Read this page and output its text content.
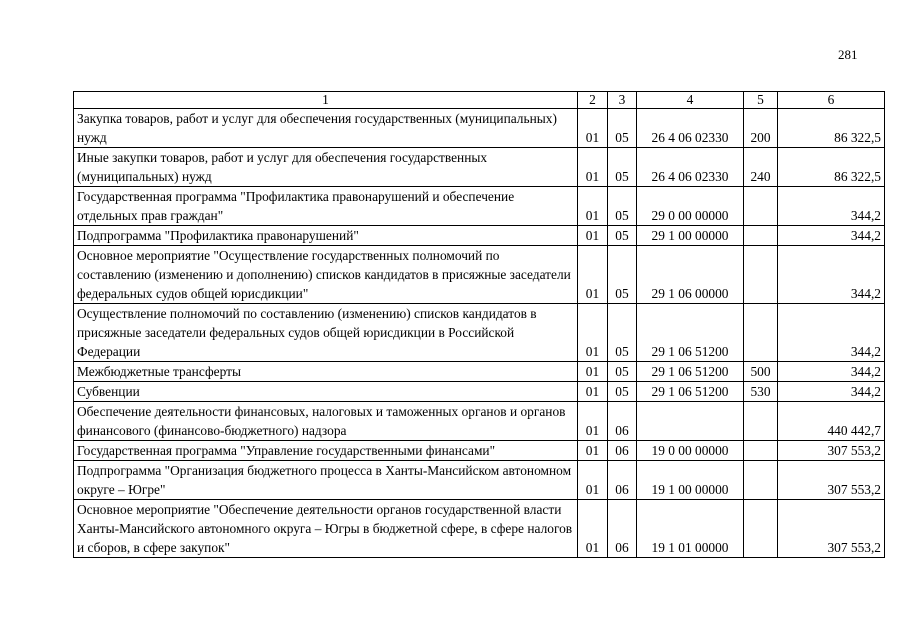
281
1	2	3	4	5	6
Закупка товаров, работ и услуг для обеспечения государственных (муниципальных) нужд	01	05	26 4 06 02330	200	86 322,5
Иные закупки товаров, работ и услуг для обеспечения государственных (муниципальных) нужд	01	05	26 4 06 02330	240	86 322,5
Государственная программа "Профилактика правонарушений и обеспечение отдельных прав граждан"	01	05	29 0 00 00000		344,2
Подпрограмма "Профилактика правонарушений"	01	05	29 1 00 00000		344,2
Основное мероприятие "Осуществление государственных полномочий по составлению (изменению и дополнению) списков кандидатов в присяжные заседатели федеральных судов общей юрисдикции"	01	05	29 1 06 00000		344,2
Осуществление полномочий по составлению (изменению) списков кандидатов в присяжные заседатели федеральных судов общей юрисдикции в Российской Федерации	01	05	29 1 06 51200		344,2
Межбюджетные трансферты	01	05	29 1 06 51200	500	344,2
Субвенции	01	05	29 1 06 51200	530	344,2
Обеспечение деятельности финансовых, налоговых и таможенных органов и органов финансового (финансово-бюджетного) надзора	01	06			440 442,7
Государственная программа "Управление государственными финансами"	01	06	19 0 00 00000		307 553,2
Подпрограмма "Организация бюджетного процесса в Ханты-Мансийском автономном округе – Югре"	01	06	19 1 00 00000		307 553,2
Основное мероприятие "Обеспечение деятельности органов государственной власти Ханты-Мансийского автономного округа – Югры в бюджетной сфере, в сфере налогов и сборов, в сфере закупок"	01	06	19 1 01 00000		307 553,2
